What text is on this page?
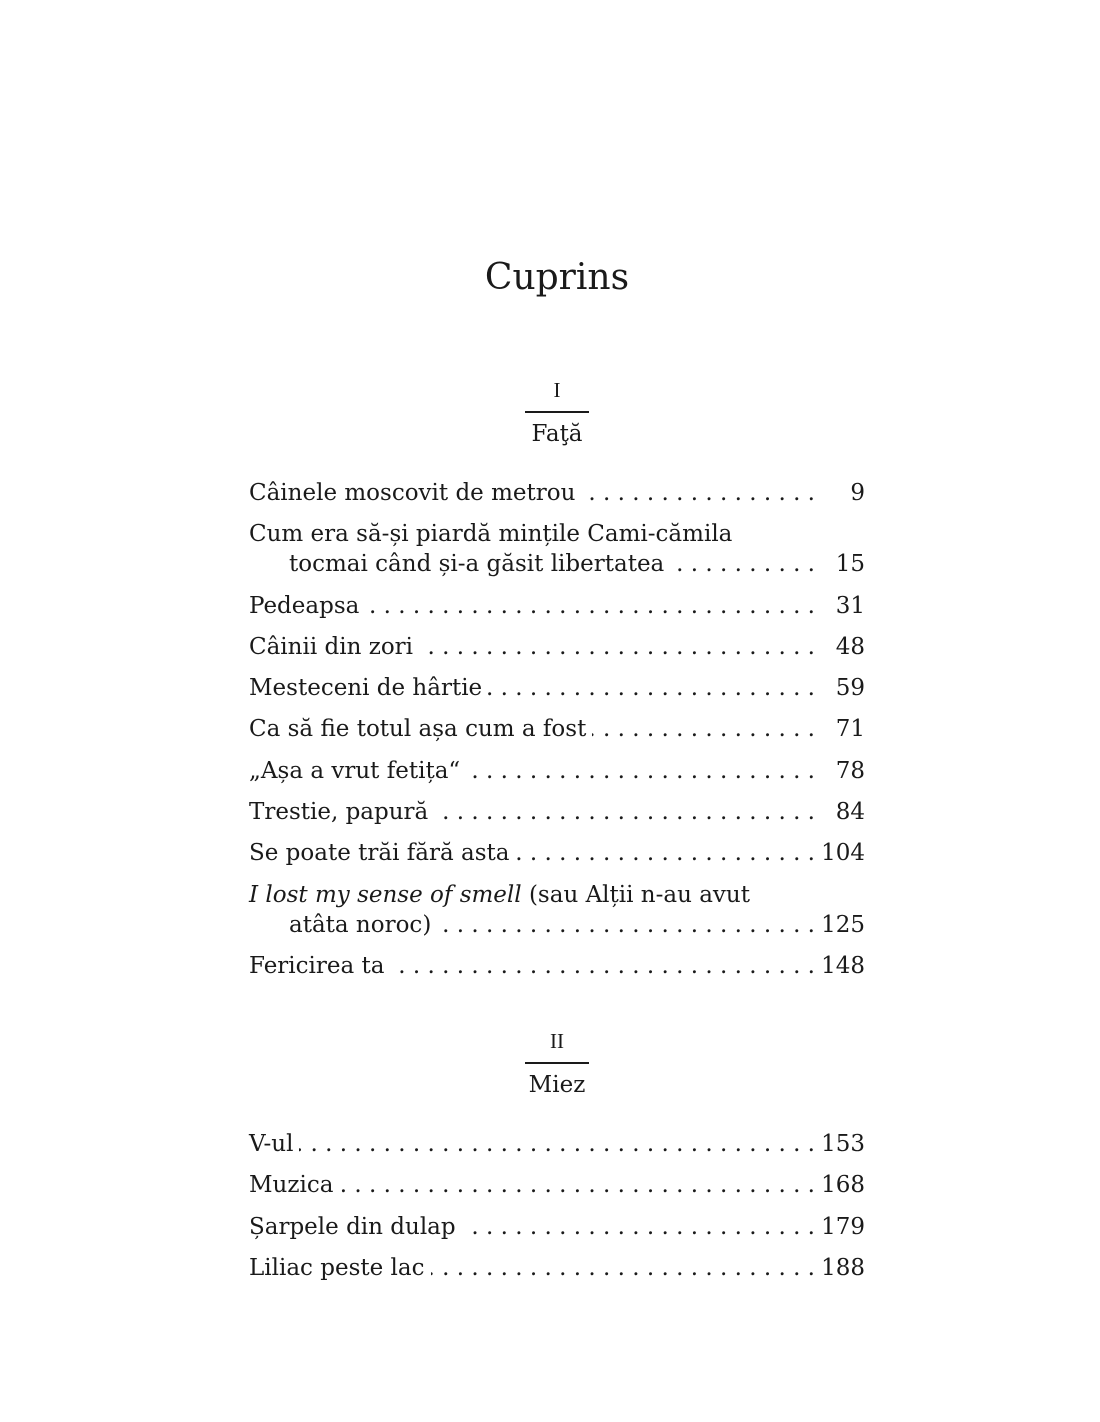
Cuprins
I
Faţă
Câinele moscovit de metrou . . .	9
Cum era să-și piardă mințile Cami-cămila
tocmai când și-a găsit libertatea . . .	15
Pedeapsa . . .	31
Câinii din zori . . .	48
Mesteceni de hârtie . . .	59
Ca să fie totul așa cum a fost . . .	71
„Așa a vrut fetița“ . . .	78
Trestie, papură . . .	84
Se poate trăi fără asta . . .	104
I lost my sense of smell (sau Alții n-au avut
atâta noroc) . . .	125
Fericirea ta . . .	148
II
Miez
V-ul . . .	153
Muzica . . .	168
Șarpele din dulap . . .	179
Liliac peste lac . . .	188
